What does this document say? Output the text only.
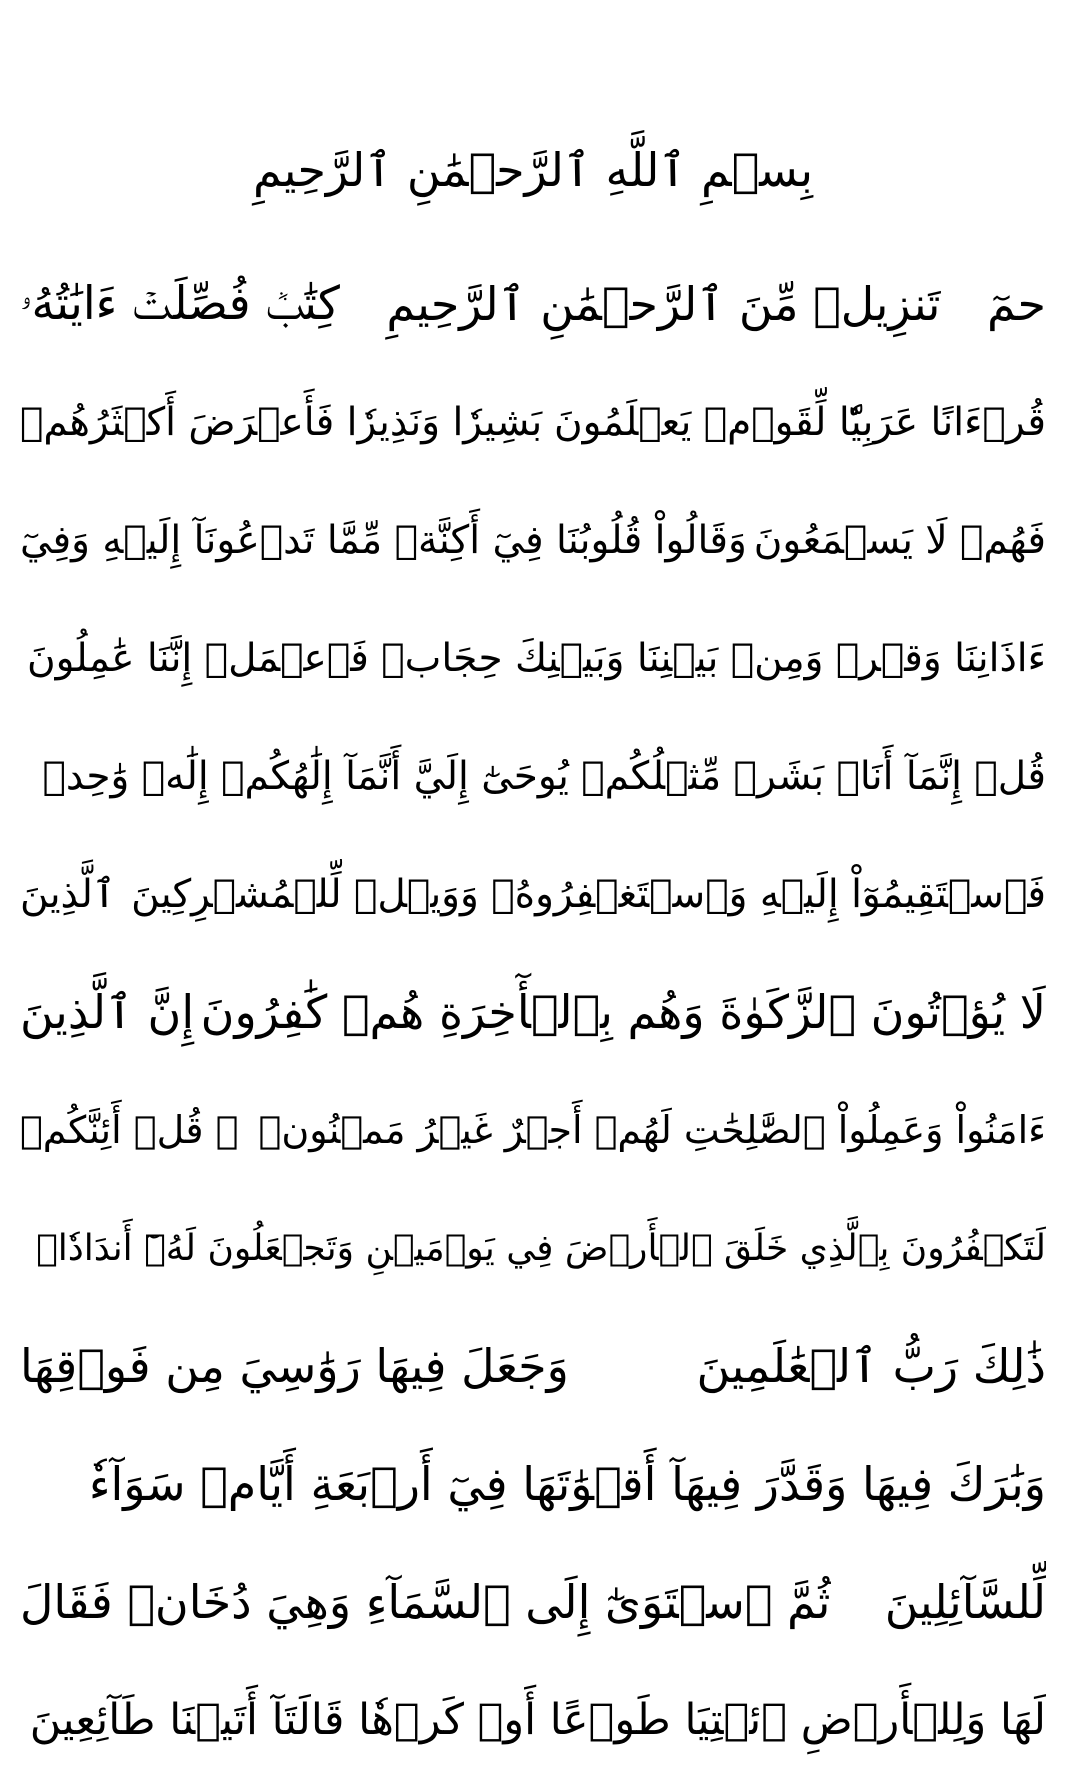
بِسۡمِ ٱللَّهِ ٱلرَّحۡمَٰنِ ٱلرَّحِيمِ
حمٓ
تَنزِيلٞ مِّنَ ٱلرَّحۡمَٰنِ ٱلرَّحِيمِ
كِتَٰبٞ فُصِّلَتۡ ءَايَٰتُهُۥ
قُرۡءَانًا عَرَبِيّٗا لِّقَوۡمٖ يَعۡلَمُونَ
بَشِيرٗا وَنَذِيرٗا فَأَعۡرَضَ أَكۡثَرُهُمۡ
فَهُمۡ لَا يَسۡمَعُونَ
وَقَالُواْ قُلُوبُنَا فِيٓ أَكِنَّةٖ مِّمَّا تَدۡعُونَآ إِلَيۡهِ وَفِيٓ
ءَاذَانِنَا وَقۡرٞ وَمِنۢ بَيۡنِنَا وَبَيۡنِكَ حِجَابٞ فَٱعۡمَلۡ إِنَّنَا عَٰمِلُونَ
قُلۡ إِنَّمَآ أَنَا۠ بَشَرٞ مِّثۡلُكُمۡ يُوحَىٰٓ إِلَيَّ أَنَّمَآ إِلَٰهُكُمۡ إِلَٰهٞ وَٰحِدٞ
فَٱسۡتَقِيمُوٓاْ إِلَيۡهِ وَٱسۡتَغۡفِرُوهُۗ وَوَيۡلٞ لِّلۡمُشۡرِكِينَ
ٱلَّذِينَ
لَا يُؤۡتُونَ ٱلزَّكَوٰةَ وَهُم بِٱلۡأٓخِرَةِ هُمۡ كَٰفِرُونَ
إِنَّ ٱلَّذِينَ
ءَامَنُواْ وَعَمِلُواْ ٱلصَّٰلِحَٰتِ لَهُمۡ أَجۡرٌ غَيۡرُ مَمۡنُونٖ
۞ قُلۡ أَئِنَّكُمۡ
لَتَكۡفُرُونَ بِٱلَّذِي خَلَقَ ٱلۡأَرۡضَ فِي يَوۡمَيۡنِ وَتَجۡعَلُونَ لَهُۥٓ أَندَادٗاۚ
ذَٰلِكَ رَبُّ ٱلۡعَٰلَمِينَ
وَجَعَلَ فِيهَا رَوَٰسِيَ مِن فَوۡقِهَا
وَبَٰرَكَ فِيهَا وَقَدَّرَ فِيهَآ أَقۡوَٰتَهَا فِيٓ أَرۡبَعَةِ أَيَّامٖ سَوَآءٗ
لِّلسَّآئِلِينَ
ثُمَّ ٱسۡتَوَىٰٓ إِلَى ٱلسَّمَآءِ وَهِيَ دُخَانٞ فَقَالَ
لَهَا وَلِلۡأَرۡضِ ٱئۡتِيَا طَوۡعًا أَوۡ كَرۡهٗا قَالَتَآ أَتَيۡنَا طَآئِعِينَ
